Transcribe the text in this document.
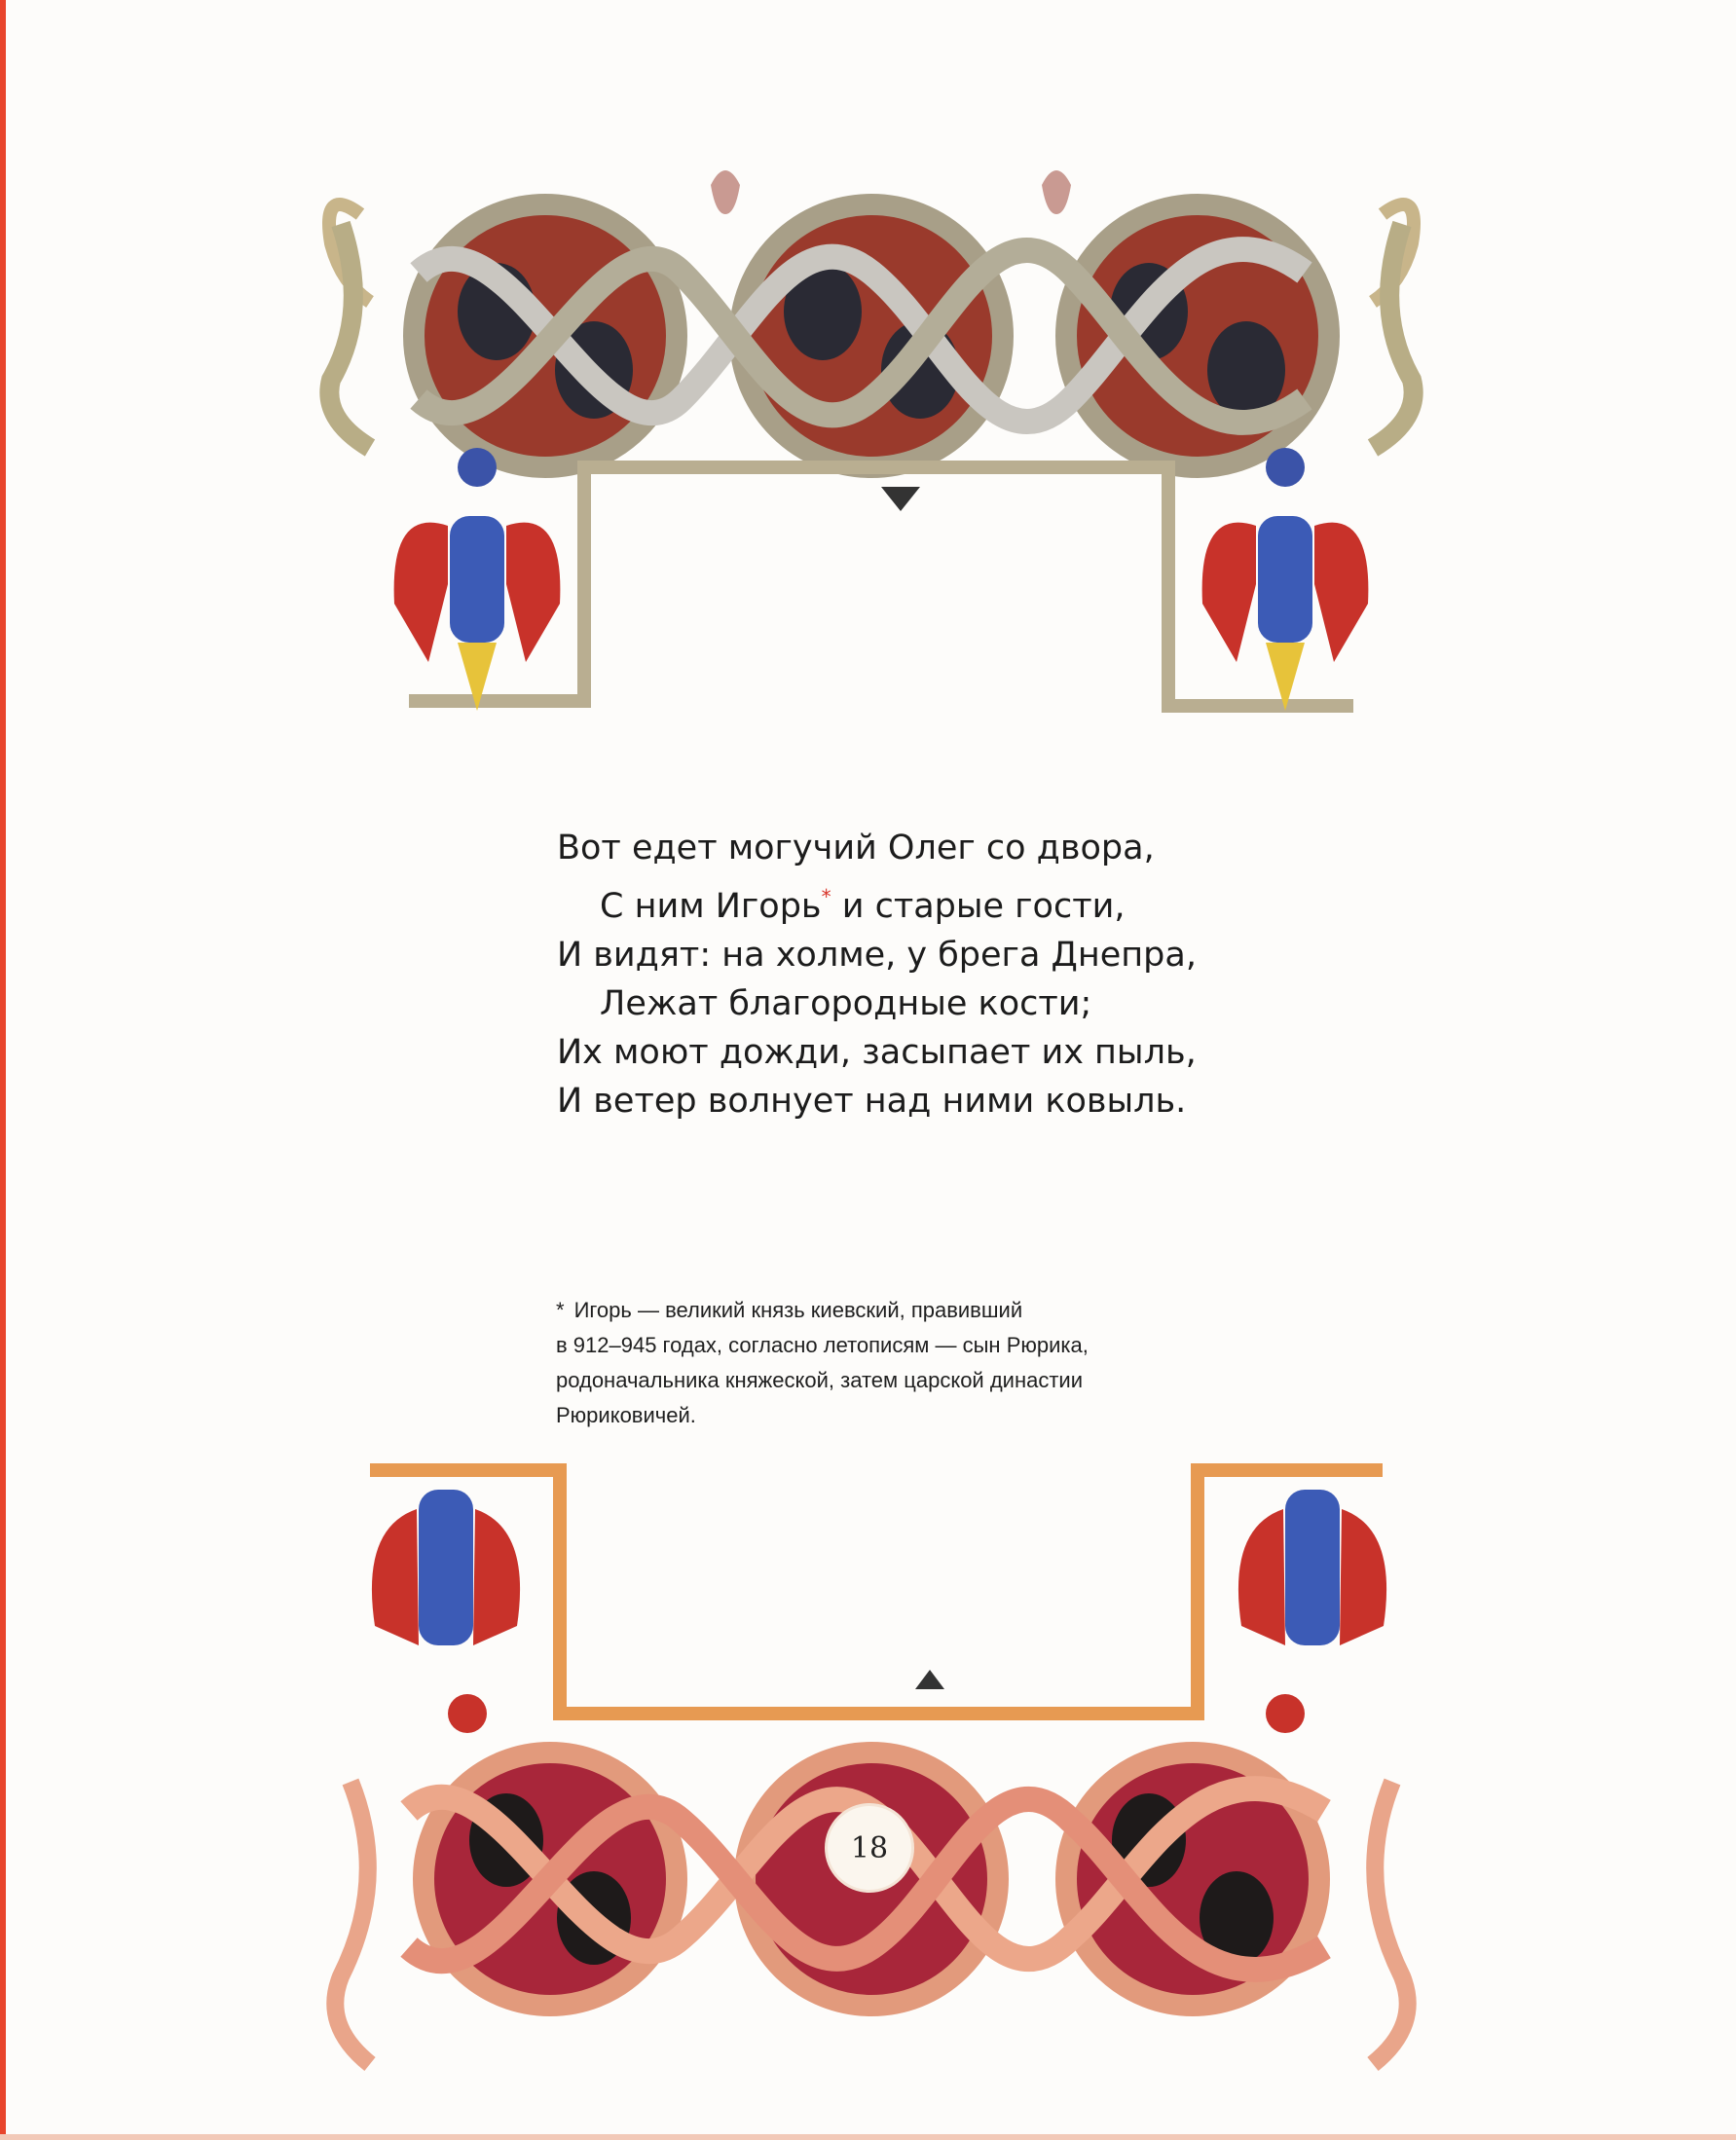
Вот едет могучий Олег со двора,
С ним Игорь* и старые гости,
И видят: на холме, у брега Днепра,
Лежат благородные кости;
Их моют дожди, засыпает их пыль,
И ветер волнует над ними ковыль.
* Игорь — великий князь киевский, правивший
в 912–945 годах, согласно летописям — сын Рюрика,
родоначальника княжеской, затем царской династии
Рюриковичей.
18
